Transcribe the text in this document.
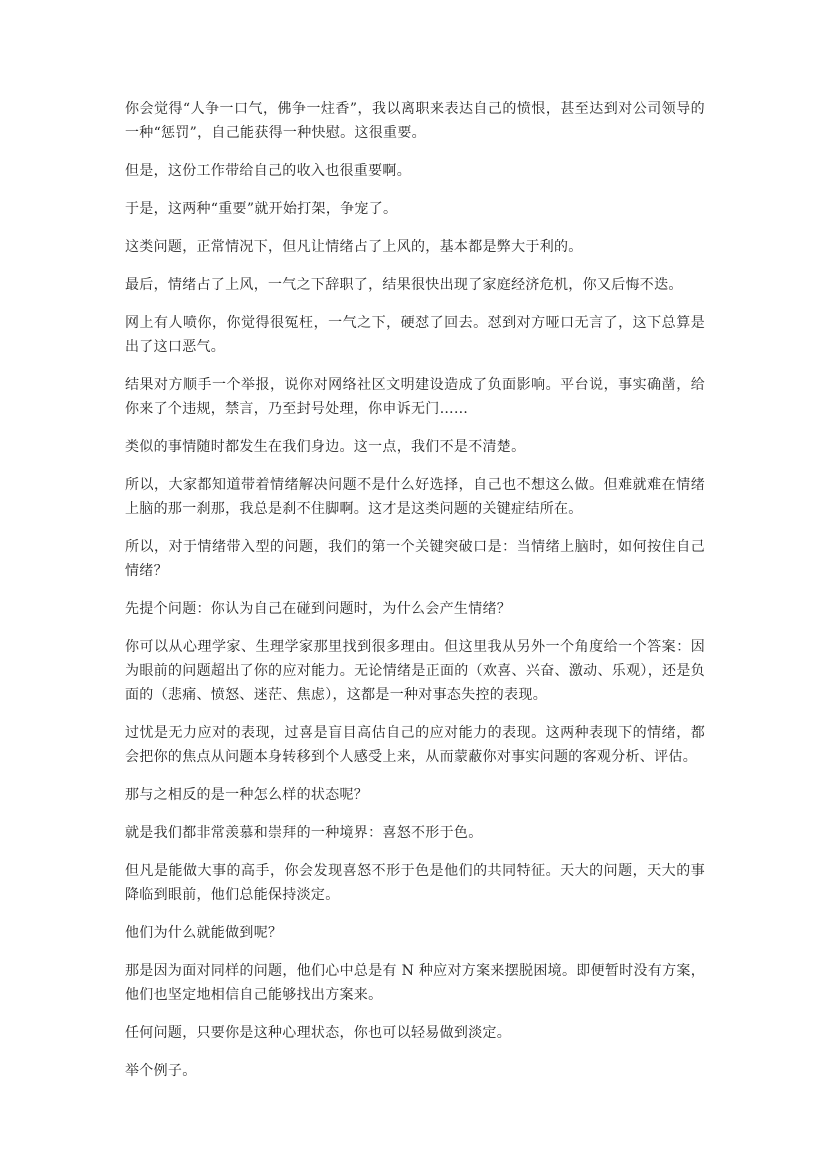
你会觉得“人争一口气，佛争一炷香”，我以离职来表达自己的愤恨，甚至达到对公司领导的一种“惩罚”，自己能获得一种快慰。这很重要。

但是，这份工作带给自己的收入也很重要啊。

于是，这两种“重要”就开始打架，争宠了。

这类问题，正常情况下，但凡让情绪占了上风的，基本都是弊大于利的。

最后，情绪占了上风，一气之下辞职了，结果很快出现了家庭经济危机，你又后悔不迭。

网上有人喷你，你觉得很冤枉，一气之下，硬怼了回去。怼到对方哑口无言了，这下总算是出了这口恶气。

结果对方顺手一个举报，说你对网络社区文明建设造成了负面影响。平台说，事实确凿，给你来了个违规，禁言，乃至封号处理，你申诉无门……

类似的事情随时都发生在我们身边。这一点，我们不是不清楚。

所以，大家都知道带着情绪解决问题不是什么好选择，自己也不想这么做。但难就难在情绪上脑的那一刹那，我总是刹不住脚啊。这才是这类问题的关键症结所在。

所以，对于情绪带入型的问题，我们的第一个关键突破口是：当情绪上脑时，如何按住自己情绪？

先提个问题：你认为自己在碰到问题时，为什么会产生情绪？

你可以从心理学家、生理学家那里找到很多理由。但这里我从另外一个角度给一个答案：因为眼前的问题超出了你的应对能力。无论情绪是正面的（欢喜、兴奋、激动、乐观），还是负面的（悲痛、愤怒、迷茫、焦虑），这都是一种对事态失控的表现。

过忧是无力应对的表现，过喜是盲目高估自己的应对能力的表现。这两种表现下的情绪，都会把你的焦点从问题本身转移到个人感受上来，从而蒙蔽你对事实问题的客观分析、评估。

那与之相反的是一种怎么样的状态呢？

就是我们都非常羡慕和崇拜的一种境界：喜怒不形于色。

但凡是能做大事的高手，你会发现喜怒不形于色是他们的共同特征。天大的问题，天大的事降临到眼前，他们总能保持淡定。

他们为什么就能做到呢？

那是因为面对同样的问题，他们心中总是有 N 种应对方案来摆脱困境。即便暂时没有方案，他们也坚定地相信自己能够找出方案来。

任何问题，只要你是这种心理状态，你也可以轻易做到淡定。

举个例子。
